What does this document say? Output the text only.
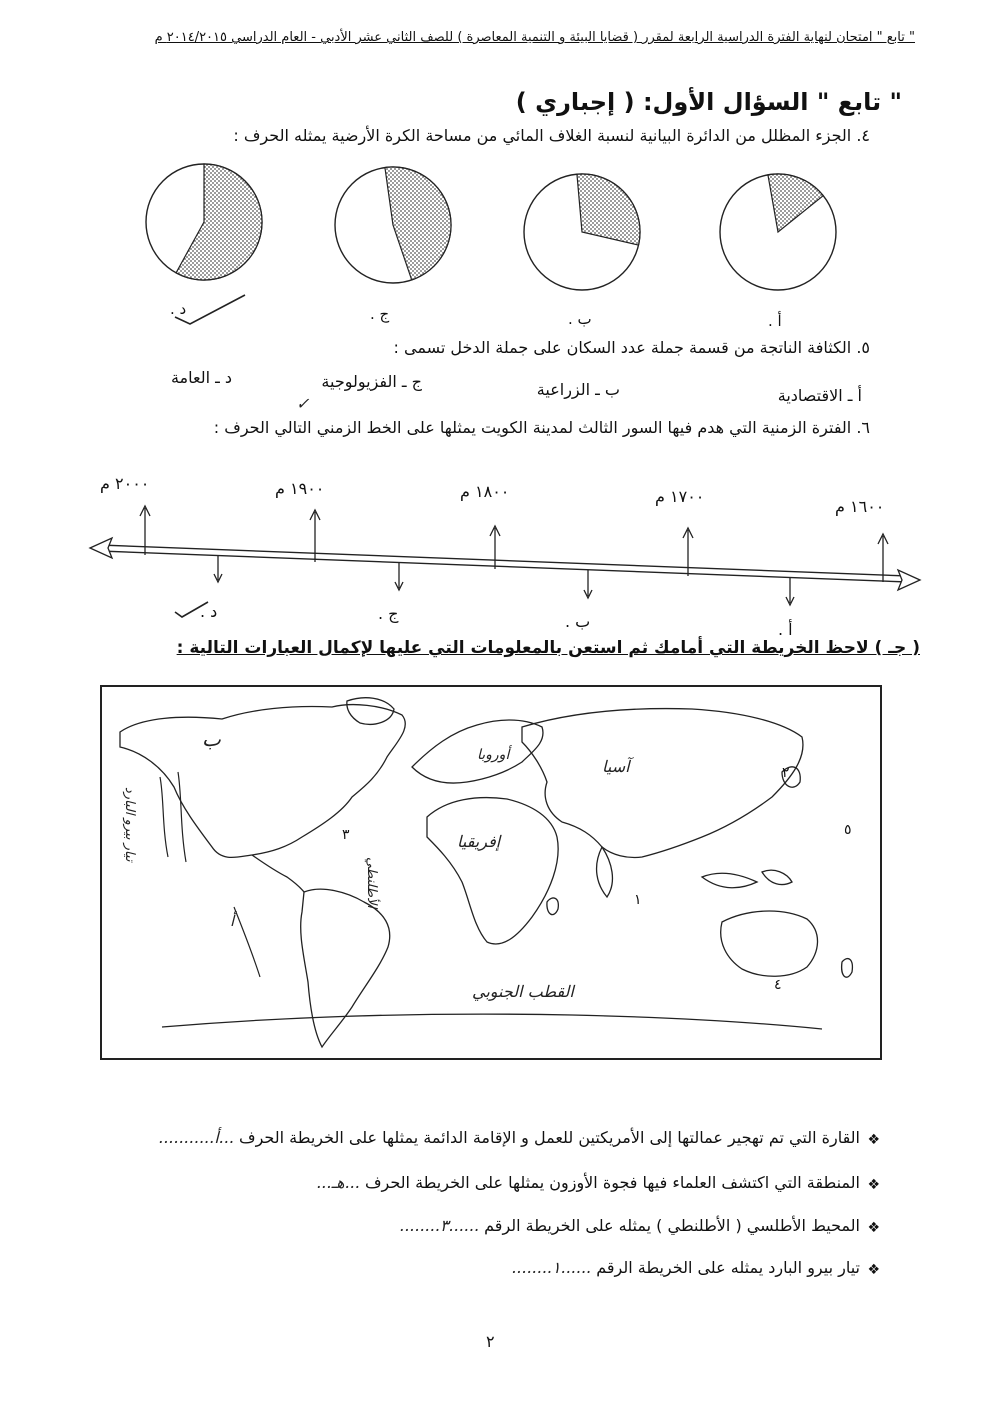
" تابع " امتحان لنهاية الفترة الدراسية الرابعة لمقرر ( قضايا البيئة و التنمية المعاصرة ) للصف الثاني عشر الأدبي - العام الدراسي ٢٠١٤/٢٠١٥ م
" تابع " السؤال الأول: ( إجباري )
٤. الجزء المظلل من الدائرة البيانية لنسبة الغلاف المائي من مساحة الكرة الأرضية يمثله الحرف :
د .	ج .	ب .	أ .
٥. الكثافة الناتجة من قسمة جملة عدد السكان على جملة الدخل تسمى :
أ ـ الاقتصادية
ب ـ الزراعية
ج ـ الفزيولوجية
د ـ العامة
✓
٦. الفترة الزمنية التي هدم فيها السور الثالث لمدينة الكويت يمثلها على الخط الزمني التالي الحرف :
١٦٠٠ م
١٧٠٠ م
١٨٠٠ م
١٩٠٠ م
٢٠٠٠ م
د .	ج .	ب .	أ .
( جـ ) لاحظ الخريطة التي أمامك ثم استعن بالمعلومات التي عليها لإكمال العبارات التالية :
ب
أوروبا
آسيا
إفريقيا
الأطلنطي
القطب الجنوبي
١
٢
٣
٤
٥
تيار بيرو البارد
أ
❖
القارة التي تم تهجير عمالتها إلى الأمريكتين للعمل و الإقامة الدائمة يمثلها على الخريطة الحرف ...أ...........
❖
المنطقة التي اكتشف العلماء فيها فجوة الأوزون يمثلها على الخريطة الحرف ...هـ...
❖
المحيط الأطلسي ( الأطلنطي ) يمثله على الخريطة الرقم ......٣........
❖
تيار بيرو البارد يمثله على الخريطة الرقم ......١........
٢
